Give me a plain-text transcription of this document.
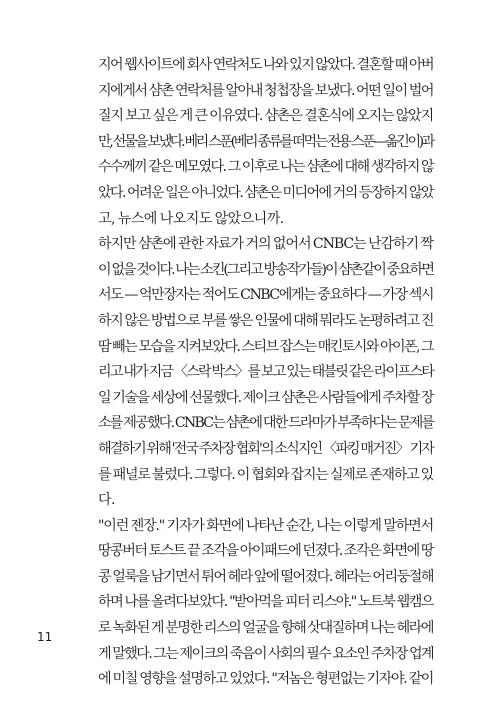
지어 웹사이트에 회사 연락처도 나와 있지 않았다. 결혼할 때 아버
지에게서 샴촌 연락처를 알아내 청첩장을 보냈다. 어떤 일이 벌어
질지 보고 싶은 게 큰 이유였다. 샴촌은 결혼식에 오지는 않았지
만, 선물을 보냈다. 베리 스푼(베리 종류를 떠먹는 전용 스푼—옮긴이)과
수수께끼 같은 메모였다. 그 이후로 나는 샴촌에 대해 생각하지 않
았다. 어려운 일은 아니었다. 샴촌은 미디어에 거의 등장하지 않았
고, 뉴스에 나오지도 않았으니까.
하지만 샴촌에 관한 자료가 거의 없어서 CNBC는 난감하기 짝
이 없을 것이다. 나는 소킨(그리고 방송작가들)이 샴촌같이 중요하면
서도 — 억만장자는 적어도 CNBC에게는 중요하다 — 가장 섹시
하지 않은 방법으로 부를 쌓은 인물에 대해 뭐라도 논평하려고 진
땀 빼는 모습을 지켜보았다. 스티브 잡스는 매킨토시와 아이폰, 그
리고 내가 지금 〈스락 박스〉를 보고 있는 태블릿 같은 라이프스타
일 기술을 세상에 선물했다. 제이크 샴촌은 사람들에게 주차할 장
소를 제공했다. CNBC는 샴촌에 대한 드라마가 부족하다는 문제를
해결하기 위해 '전국 주차장 협회'의 소식지인 〈파킹 매거진〉 기자
를 패널로 불렀다. 그렇다. 이 협회와 잡지는 실제로 존재하고 있
다.
"이런 젠장." 기자가 화면에 나타난 순간, 나는 이렇게 말하면서
땅콩버터 토스트 끝 조각을 아이패드에 던졌다. 조각은 화면에 땅
콩 얼룩을 남기면서 튀어 헤라 앞에 떨어졌다. 헤라는 어리둥절해
하며 나를 올려다보았다. "받아먹을 피터 리스야." 노트북 웹캠으
로 녹화된 게 분명한 리스의 얼굴을 향해 삿대질하며 나는 헤라에
게 말했다. 그는 제이크의 죽음이 사회의 필수 요소인 주차장 업계
에 미칠 영향을 설명하고 있었다. "저놈은 형편없는 기자야. 같이
11
